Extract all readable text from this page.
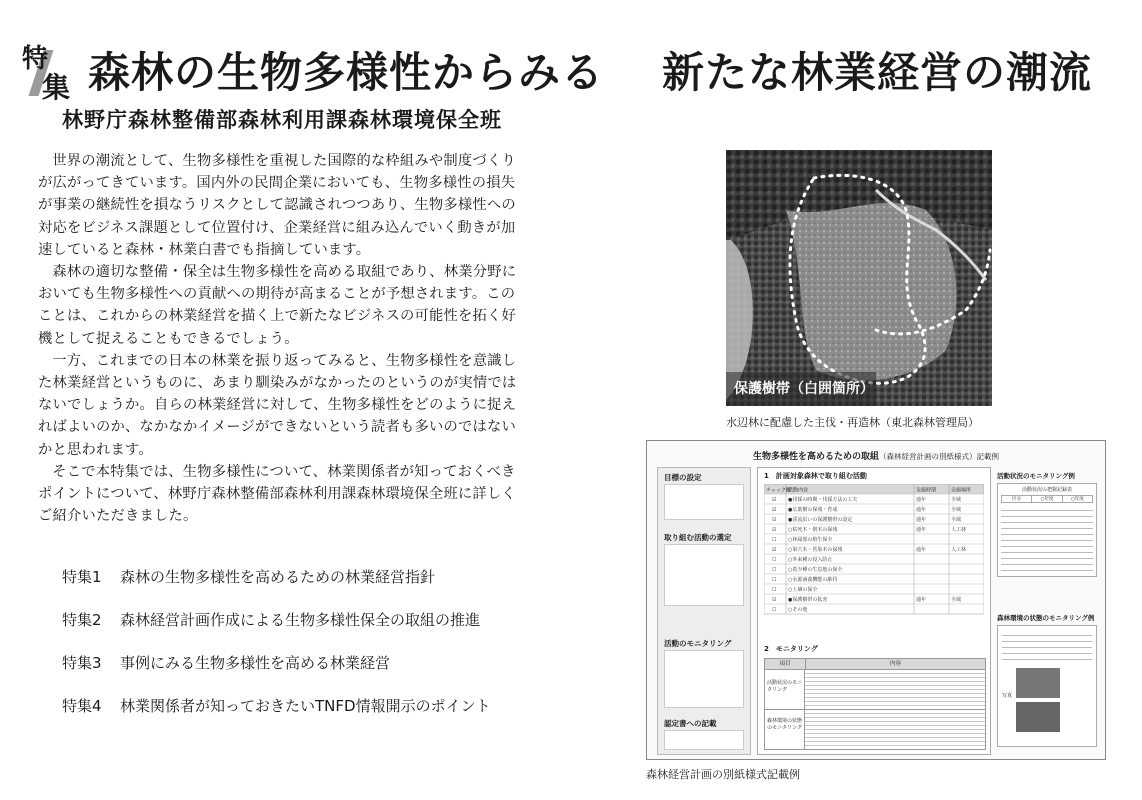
特
集 森林の生物多様性からみる 新たな林業経営の潮流
林野庁森林整備部森林利用課森林環境保全班

世界の潮流として、生物多様性を重視した国際的な枠組みや制度づくりが広がってきています。国内外の民間企業においても、生物多様性の損失が事業の継続性を損なうリスクとして認識されつつあり、生物多様性への対応をビジネス課題として位置付け、企業経営に組み込んでいく動きが加速していると森林・林業白書でも指摘しています。

森林の適切な整備・保全は生物多様性を高める取組であり、林業分野においても生物多様性への貢献への期待が高まることが予想されます。このことは、これからの林業経営を描く上で新たなビジネスの可能性を拓く好機として捉えることもできるでしょう。

一方、これまでの日本の林業を振り返ってみると、生物多様性を意識した林業経営というものに、あまり馴染みがなかったのというのが実情ではないでしょうか。自らの林業経営に対して、生物多様性をどのように捉えればよいのか、なかなかイメージができないという読者も多いのではないかと思われます。

そこで本特集では、生物多様性について、林業関係者が知っておくべきポイントについて、林野庁森林整備部森林利用課森林環境保全班に詳しくご紹介いただきました。

特集1	森林の生物多様性を高めるための林業経営指針
特集2	森林経営計画作成による生物多様性保全の取組の推進
特集3	事例にみる生物多様性を高める林業経営
特集4	林業関係者が知っておきたいTNFD情報開示のポイント
保護樹帯（白囲箇所）
水辺林に配慮した主伐・再造林（東北森林管理局）
生物多様性を高めるための取組（森林経営計画の別紙様式）記載例
目標の設定
取り組む活動の選定
活動のモニタリング
認定書への記載
1　計画対象森林で取り組む活動
チェック欄
活動内容	実施時期	実施場所
☑ ●伐採の時期・伐採方法の工夫	通年	全域
☑ ●広葉樹の保残・育成	通年	全域
☑ ●渓流沿いの保護樹帯の設定	通年	全域
☑ ○枯死木・倒木の保残	通年	人工林
☐ ○林縁部の植生保全
☑ ○巣穴木・営巣木の保残	通年	人工林
☐ ○外来種の侵入防止
☐ ○希少種の生息地の保全
☐ ○水源涵養機能の維持
☐ ○土壌の保全
☑ ●保護樹帯の拡充	通年	全域
☐ ○その他
2　モニタリング
項目	内容
活動状況のモニタリング
森林環境の状態のモニタリング
活動状況のモニタリング例
活動状況の把握記録表
区分	○年度	○年度
森林環境の状態のモニタリング例
写真
森林経営計画の別紙様式記載例
